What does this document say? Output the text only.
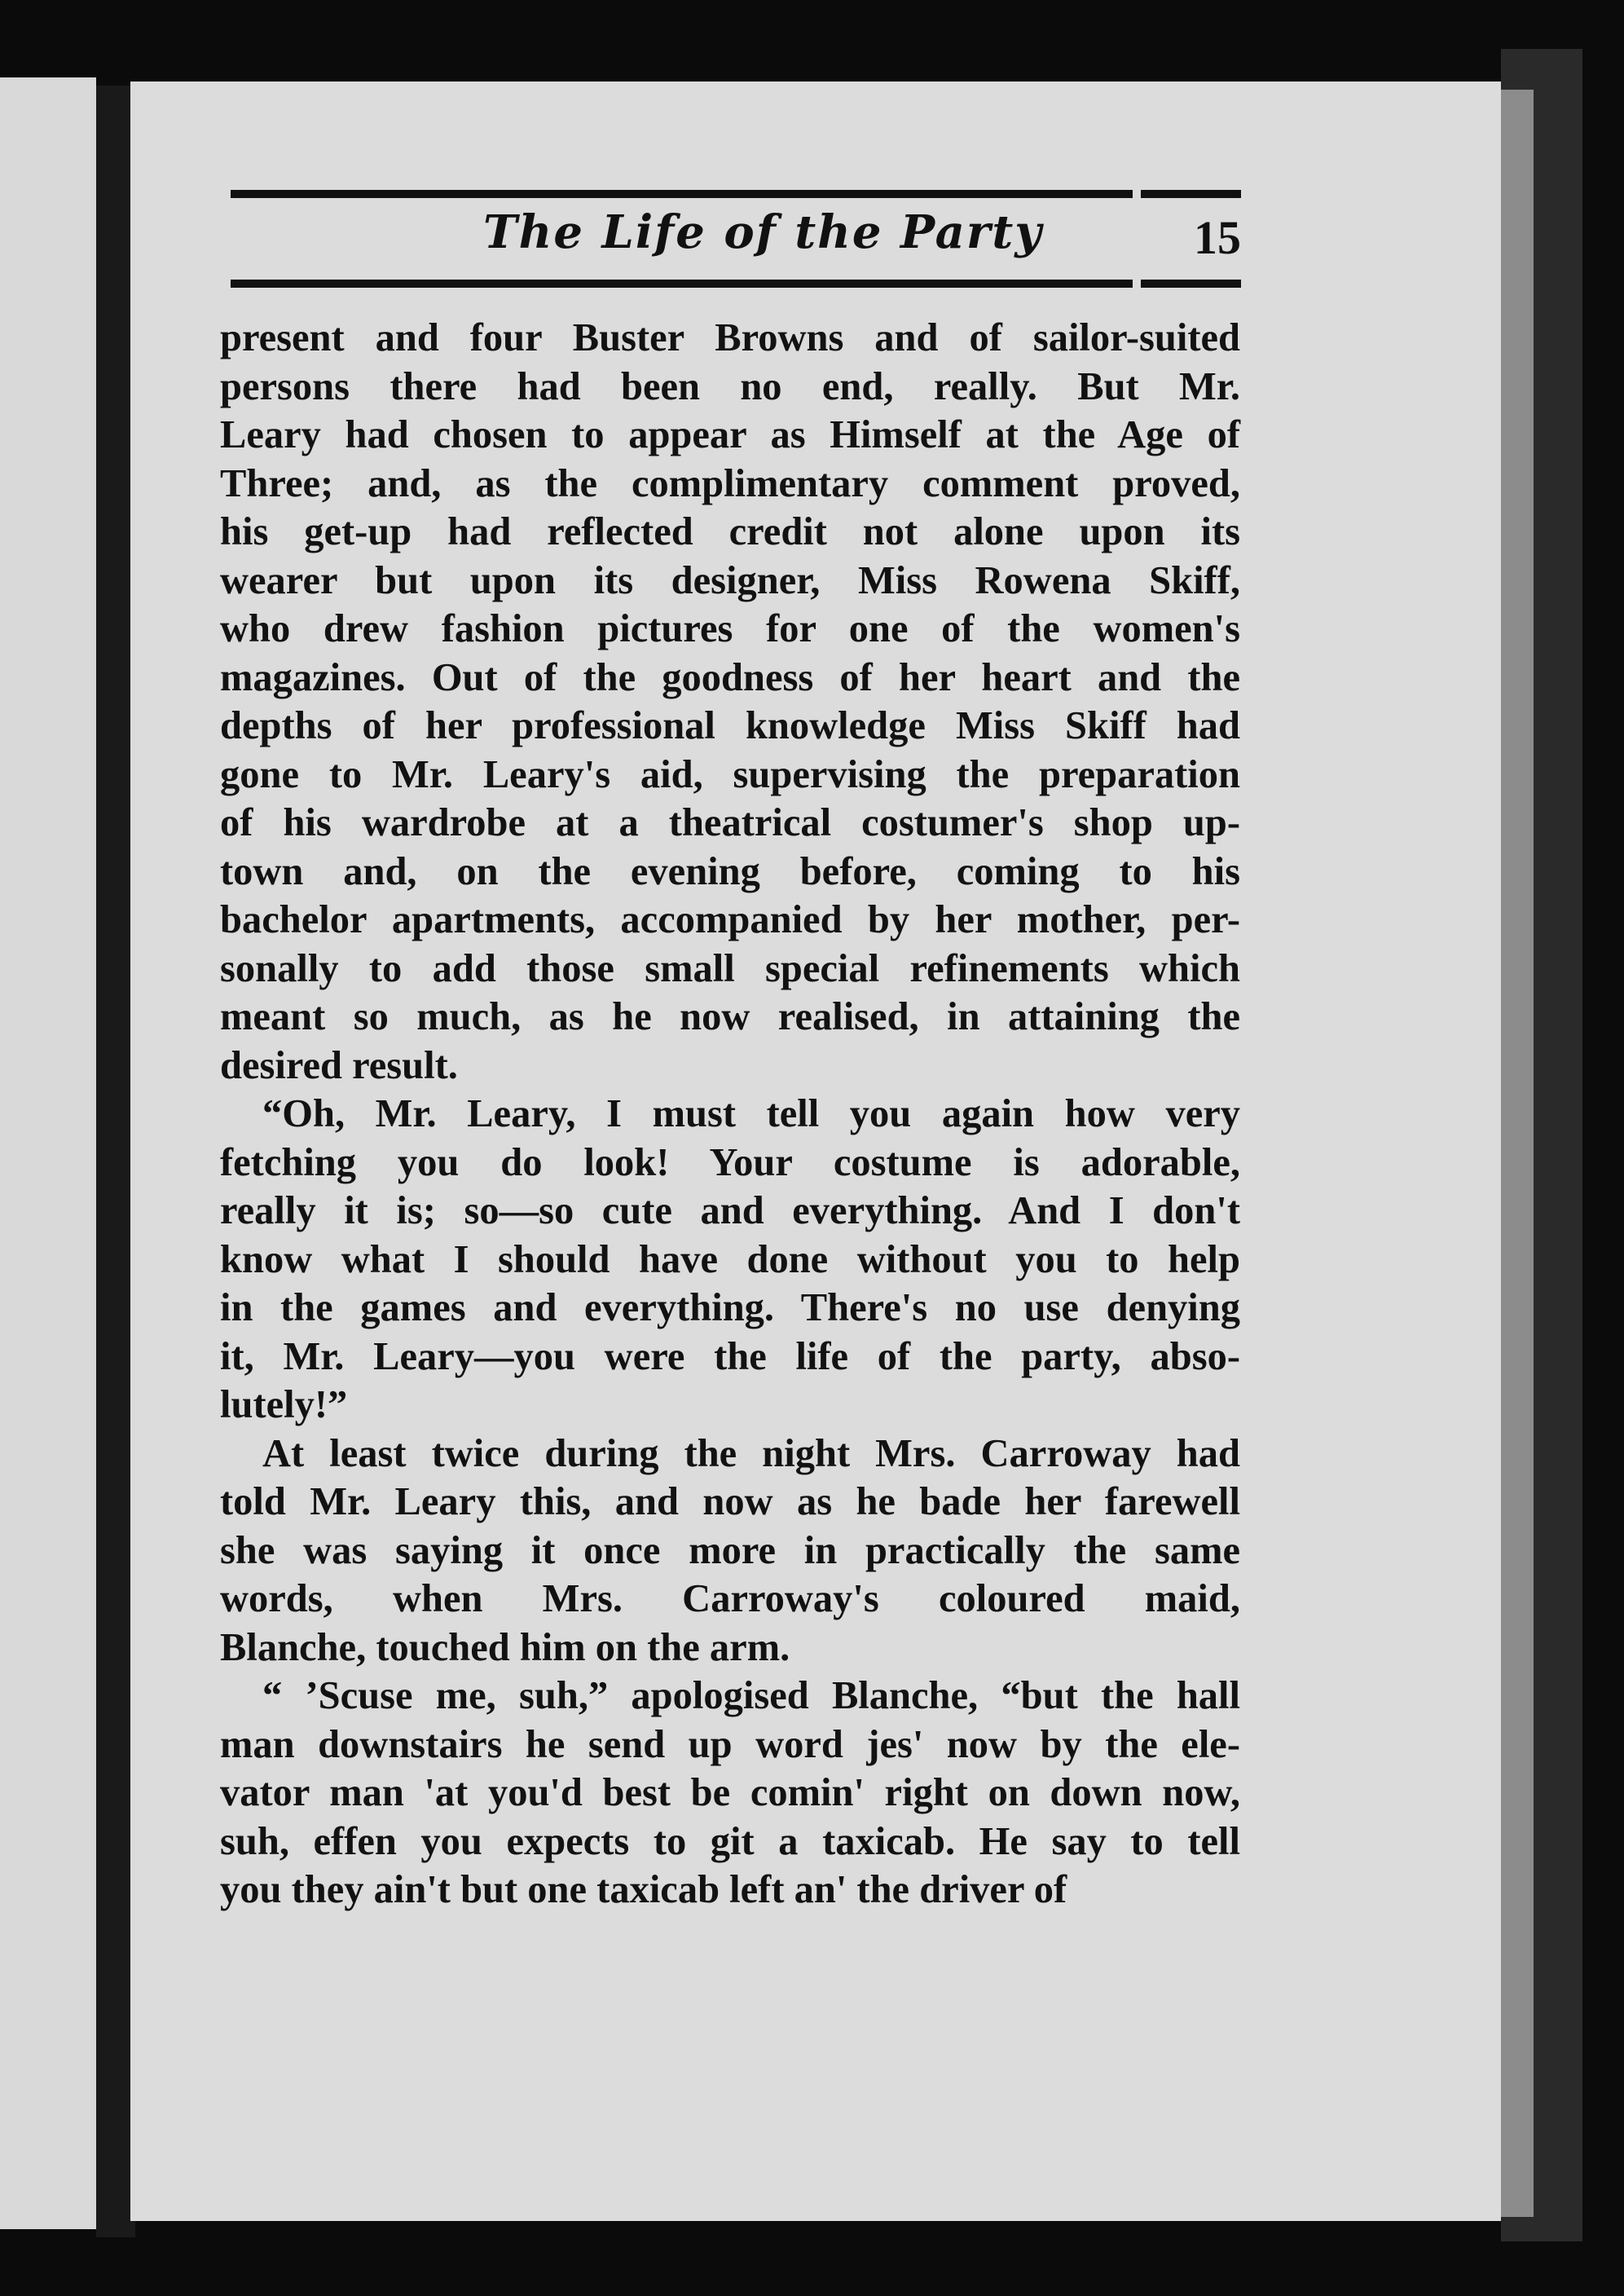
The Life of the Party	15

present and four Buster Browns and of sailor-suited
persons there had been no end, really. But Mr.
Leary had chosen to appear as Himself at the Age of
Three; and, as the complimentary comment proved,
his get-up had reflected credit not alone upon its
wearer but upon its designer, Miss Rowena Skiff,
who drew fashion pictures for one of the women's
magazines. Out of the goodness of her heart and the
depths of her professional knowledge Miss Skiff had
gone to Mr. Leary's aid, supervising the preparation
of his wardrobe at a theatrical costumer's shop up-
town and, on the evening before, coming to his
bachelor apartments, accompanied by her mother, per-
sonally to add those small special refinements which
meant so much, as he now realised, in attaining the
desired result.

“Oh, Mr. Leary, I must tell you again how very
fetching you do look! Your costume is adorable,
really it is; so—so cute and everything. And I don't
know what I should have done without you to help
in the games and everything. There's no use denying
it, Mr. Leary—you were the life of the party, abso-
lutely!”

At least twice during the night Mrs. Carroway had
told Mr. Leary this, and now as he bade her farewell
she was saying it once more in practically the same
words, when Mrs. Carroway's coloured maid,
Blanche, touched him on the arm.

“ ’Scuse me, suh,” apologised Blanche, “but the hall
man downstairs he send up word jes' now by the ele-
vator man 'at you'd best be comin' right on down now,
suh, effen you expects to git a taxicab. He say to tell
you they ain't but one taxicab left an' the driver of
